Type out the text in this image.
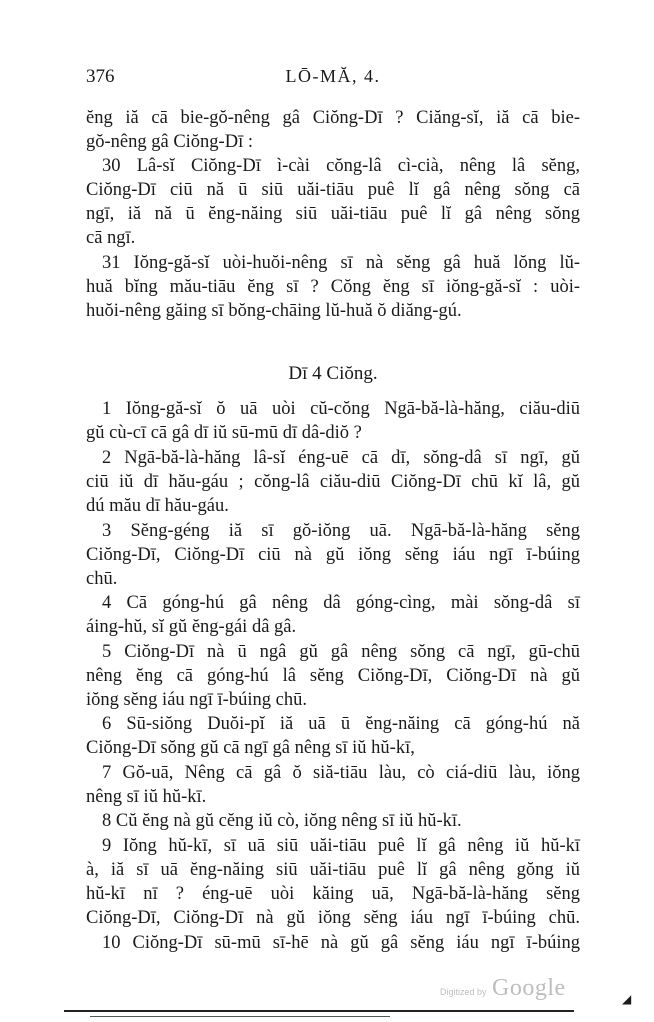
376	LŌ-MĂ, 4.
ĕng iă cā bie-gŏ-nêng gâ Ciŏng-Dī ? Ciăng-sĭ, iă cā bie-
gŏ-nêng gâ Ciŏng-Dī :
30 Lâ-sĭ Ciŏng-Dī ì-cài cŏng-lâ cì-cià, nêng lâ sĕng,
Ciŏng-Dī ciū nă ū siū uăi-tiāu puê lĭ gâ nêng sŏng cā
ngī, iă nă ū ĕng-năing siū uăi-tiāu puê lĭ gâ nêng sŏng
cā ngī.
31 Iŏng-gă-sĭ uòi-huŏi-nêng sī nà sĕng gâ huă lŏng lŭ-
huă bĭng mău-tiāu ĕng sī ? Cŏng ĕng sī iŏng-gă-sĭ : uòi-
huŏi-nêng găing sī bŏng-chāing lŭ-huă ŏ diăng-gú.
Dī 4 Ciŏng.
1 Iŏng-gă-sĭ ŏ uā uòi cŭ-cŏng Ngā-bă-là-hăng, ciău-diū
gŭ cù-cī cā gâ dī iŭ sū-mū dī dâ-diŏ ?
2 Ngā-bă-là-hăng lâ-sĭ éng-uē cā dī, sŏng-dâ sī ngī, gŭ
ciū iŭ dī hău-gáu ; cŏng-lâ ciău-diū Ciŏng-Dī chū kĭ lâ, gŭ
dú mău dī hău-gáu.
3 Sĕng-géng iă sī gŏ-iŏng uā. Ngā-bă-là-hăng sĕng
Ciŏng-Dī, Ciŏng-Dī ciū nà gŭ iŏng sĕng iáu ngī ī-búing
chū.
4 Cā góng-hú gâ nêng dâ góng-cìng, mài sŏng-dâ sī
áing-hŭ, sĭ gŭ ĕng-gái dâ gâ.
5 Ciŏng-Dī nà ū ngâ gŭ gâ nêng sŏng cā ngī, gū-chū
nêng ĕng cā góng-hú lâ sĕng Ciŏng-Dī, Ciŏng-Dī nà gŭ
iŏng sĕng iáu ngī ī-búing chū.
6 Sū-siŏng Duŏi-pĭ iă uā ū ĕng-năing cā góng-hú nă
Ciŏng-Dī sŏng gŭ cā ngī gâ nêng sī iŭ hŭ-kī,
7 Gŏ-uā, Nêng cā gâ ŏ siă-tiāu làu, cò ciá-diū làu, iŏng
nêng sī iŭ hŭ-kī.
8 Cŭ ĕng nà gŭ cĕng iŭ cò, iŏng nêng sī iŭ hŭ-kī.
9 Iŏng hŭ-kī, sī uā siū uăi-tiāu puê lĭ gâ nêng iŭ hŭ-kī
à, iă sī uā ĕng-năing siū uăi-tiāu puê lĭ gâ nêng gŏng iŭ
hŭ-kī nī ? éng-uē uòi kăing uā, Ngā-bă-là-hăng sĕng
Ciŏng-Dī, Ciŏng-Dī nà gŭ iŏng sĕng iáu ngī ī-búing chū.
10 Ciŏng-Dī sū-mū sī-hē nà gŭ gâ sĕng iáu ngī ī-búing
Digitized by Google	◢
